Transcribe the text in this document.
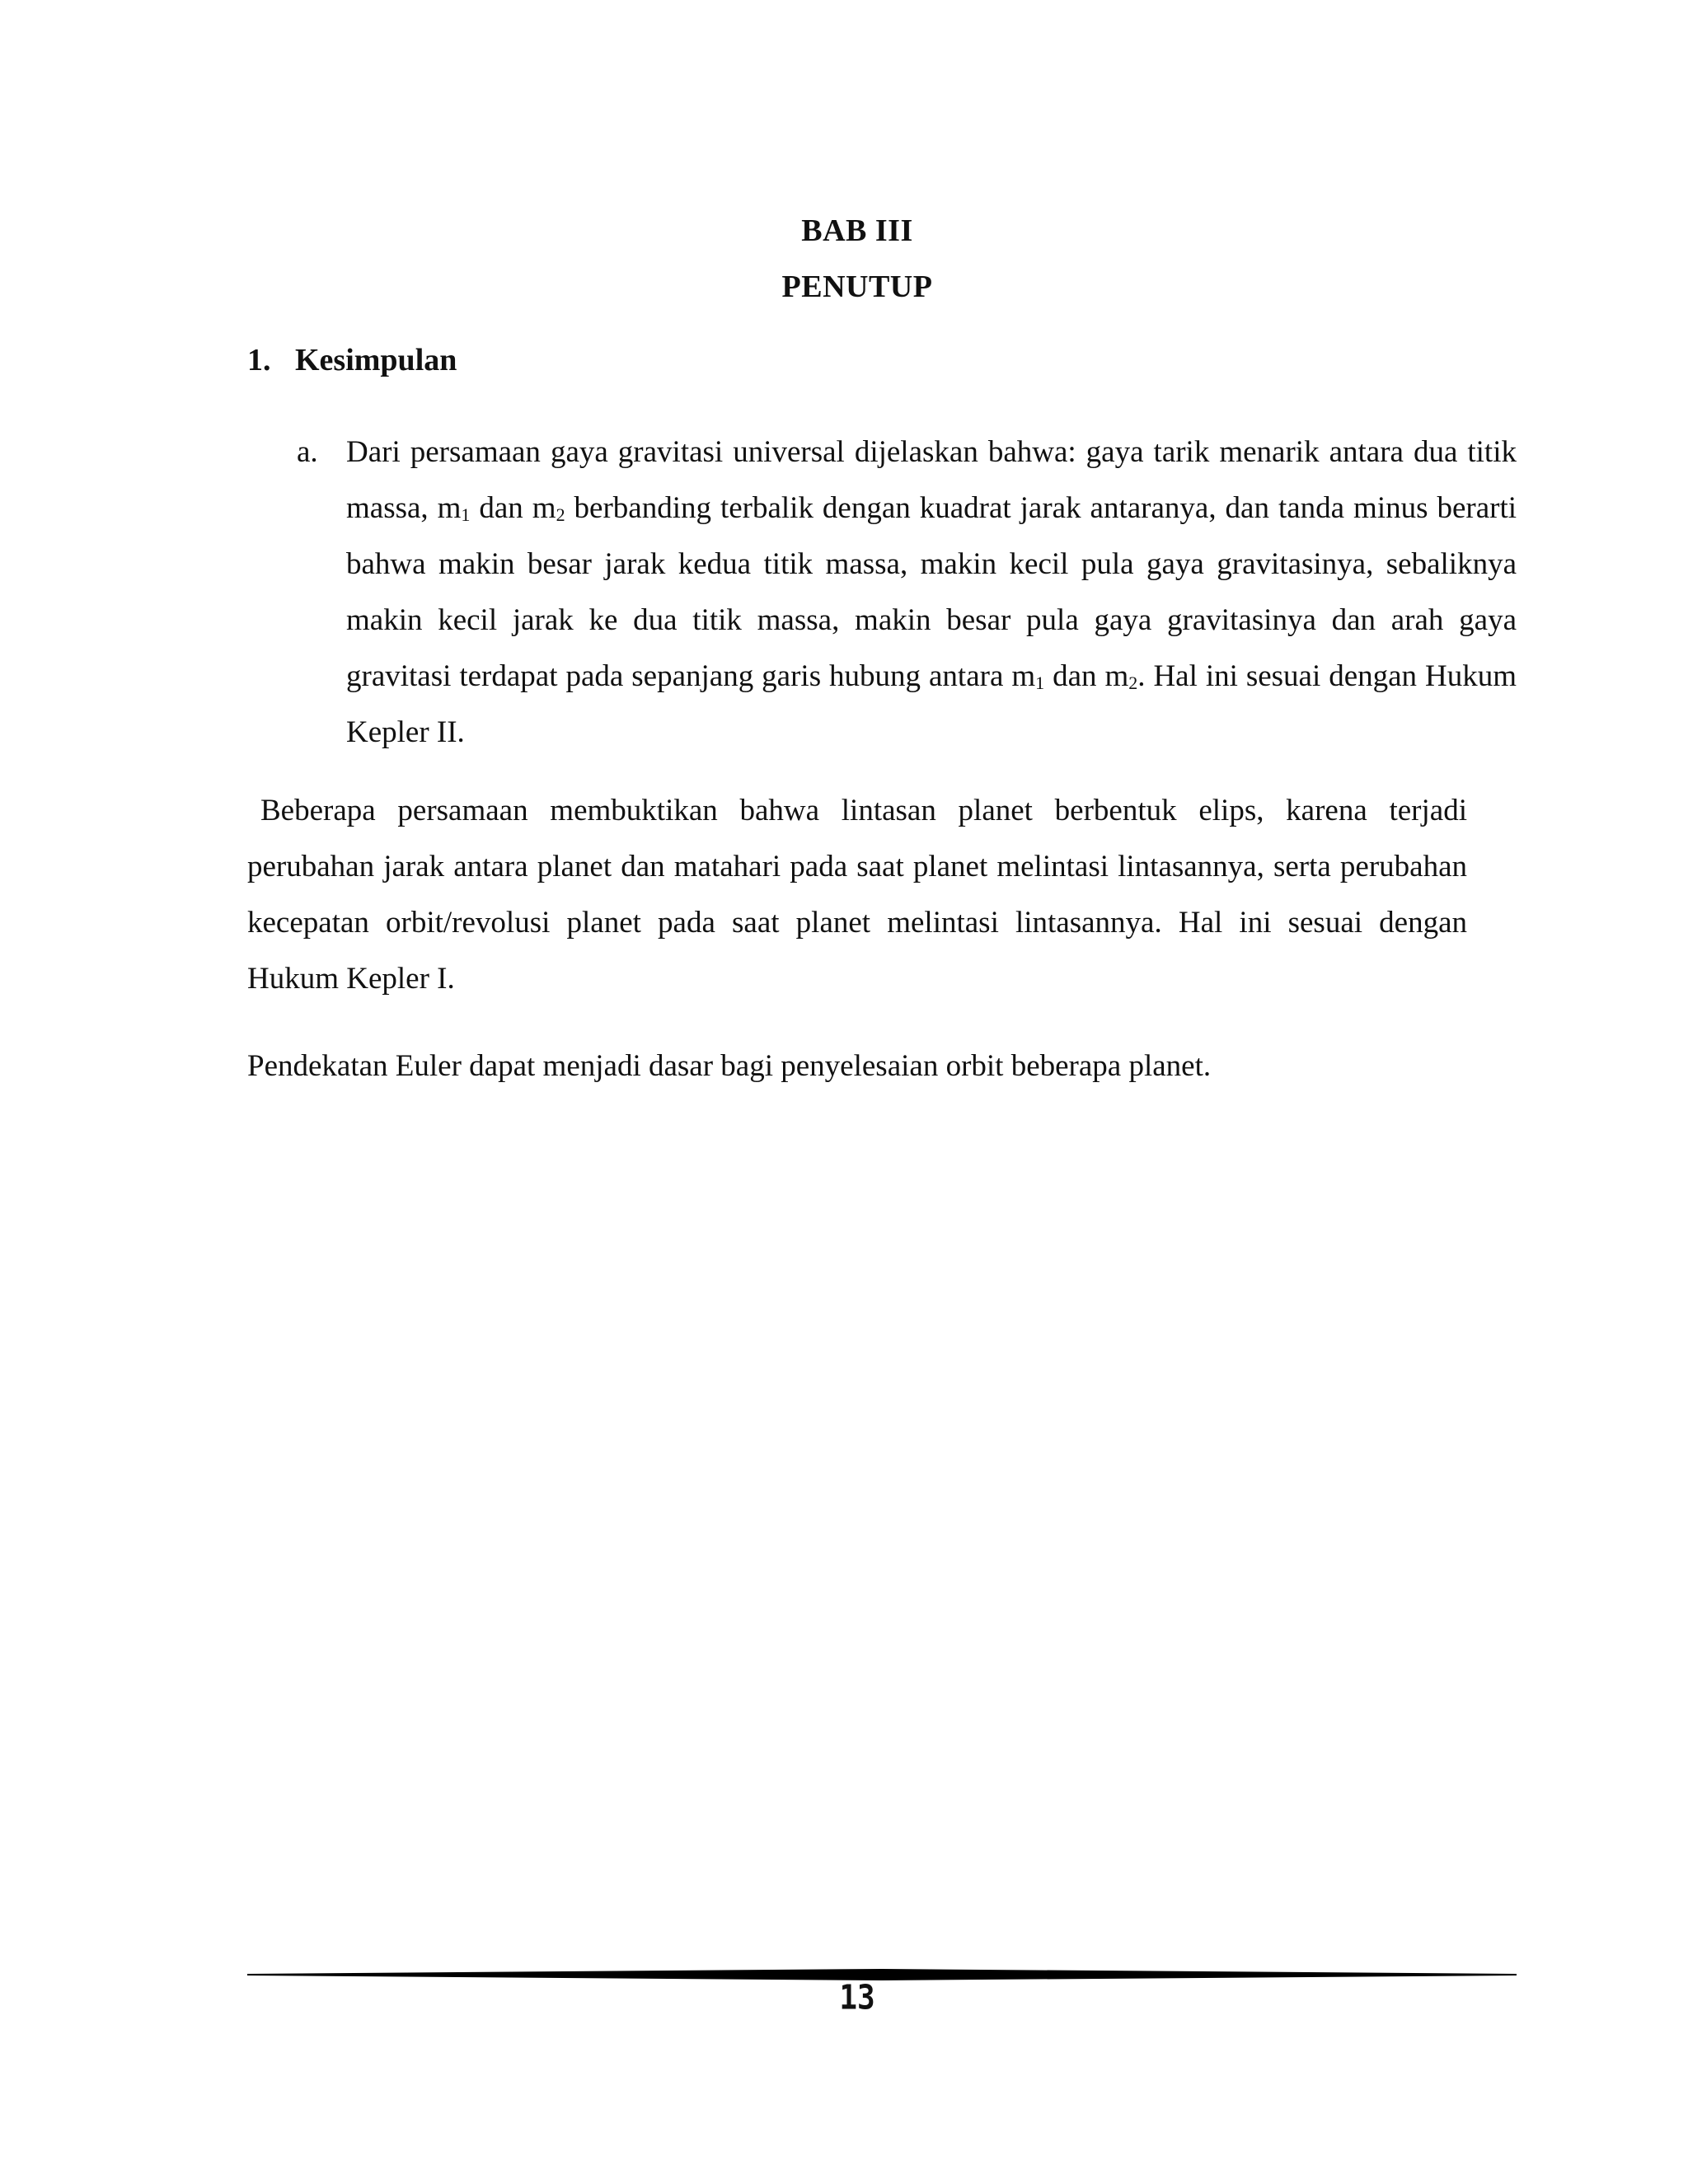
BAB III
PENUTUP
1. Kesimpulan
a. Dari persamaan gaya gravitasi universal dijelaskan bahwa: gaya tarik menarik antara dua titik massa, $m_1$ dan $m_2$ berbanding terbalik dengan kuadrat jarak antaranya, dan tanda minus berarti bahwa makin besar jarak kedua titik massa, makin kecil pula gaya gravitasinya, sebaliknya makin kecil jarak ke dua titik massa, makin besar pula gaya gravitasinya dan arah gaya gravitasi terdapat pada sepanjang garis hubung antara $m_1$ dan $m_2$. Hal ini sesuai dengan Hukum Kepler II.

Beberapa persamaan membuktikan bahwa lintasan planet berbentuk elips, karena terjadi perubahan jarak antara planet dan matahari pada saat planet melintasi lintasannya, serta perubahan kecepatan orbit/revolusi planet pada saat planet melintasi lintasannya. Hal ini sesuai dengan Hukum Kepler I.

Pendekatan Euler dapat menjadi dasar bagi penyelesaian orbit beberapa planet.

13
